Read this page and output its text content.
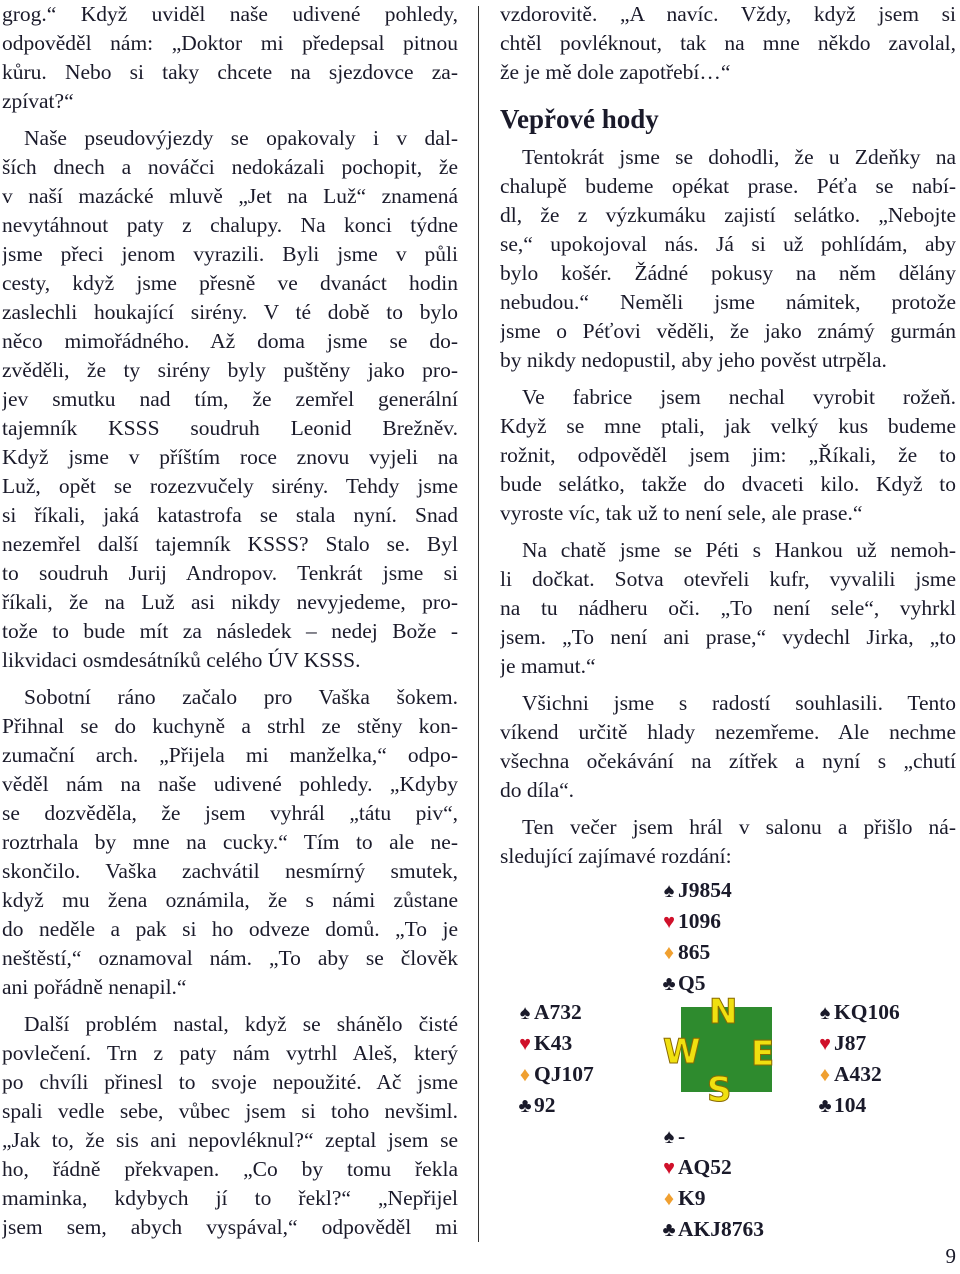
grog.“ Když uviděl naše udivené pohledy,
odpověděl nám: „Doktor mi předepsal pitnou
kůru. Nebo si taky chcete na sjezdovce za-
zpívat?“
Naše pseudovýjezdy se opakovaly i v dal-
ších dnech a nováčci nedokázali pochopit, že
v naší mazácké mluvě „Jet na Luž“ znamená
nevytáhnout paty z chalupy. Na konci týdne
jsme přeci jenom vyrazili. Byli jsme v půli
cesty, když jsme přesně ve dvanáct hodin
zaslechli houkající sirény. V té době to bylo
něco mimořádného. Až doma jsme se do-
zvěděli, že ty sirény byly puštěny jako pro-
jev smutku nad tím, že zemřel generální
tajemník KSSS soudruh Leonid Brežněv.
Když jsme v příštím roce znovu vyjeli na
Luž, opět se rozezvučely sirény. Tehdy jsme
si říkali, jaká katastrofa se stala nyní. Snad
nezemřel další tajemník KSSS? Stalo se. Byl
to soudruh Jurij Andropov. Tenkrát jsme si
říkali, že na Luž asi nikdy nevyjedeme, pro-
tože to bude mít za následek – nedej Bože -
likvidaci osmdesátníků celého ÚV KSSS.
Sobotní ráno začalo pro Vaška šokem.
Přihnal se do kuchyně a strhl ze stěny kon-
zumační arch. „Přijela mi manželka,“ odpo-
věděl nám na naše udivené pohledy. „Kdyby
se dozvěděla, že jsem vyhrál „tátu piv“,
roztrhala by mne na cucky.“ Tím to ale ne-
skončilo. Vaška zachvátil nesmírný smutek,
když mu žena oznámila, že s námi zůstane
do neděle a pak si ho odveze domů. „To je
neštěstí,“ oznamoval nám. „To aby se člověk
ani pořádně nenapil.“
Další problém nastal, když se shánělo čisté
povlečení. Trn z paty nám vytrhl Aleš, který
po chvíli přinesl to svoje nepoužité. Ač jsme
spali vedle sebe, vůbec jsem si toho nevšiml.
„Jak to, že sis ani nepovléknul?“ zeptal jsem se
ho, řádně překvapen. „Co by tomu řekla
maminka, kdybych jí to řekl?“ „Nepřijel
jsem sem, abych vyspával,“ odpověděl mi
vzdorovitě. „A navíc. Vždy, když jsem si
chtěl povléknout, tak na mne někdo zavolal,
že je mě dole zapotřebí…“
Vepřové hody
Tentokrát jsme se dohodli, že u Zdeňky na
chalupě budeme opékat prase. Péťa se nabí-
dl, že z výzkumáku zajistí selátko. „Nebojte
se,“ upokojoval nás. Já si už pohlídám, aby
bylo košér. Žádné pokusy na něm dělány
nebudou.“ Neměli jsme námitek, protože
jsme o Péťovi věděli, že jako známý gurmán
by nikdy nedopustil, aby jeho pověst utrpěla.
Ve fabrice jsem nechal vyrobit rožeň.
Když se mne ptali, jak velký kus budeme
rožnit, odpověděl jsem jim: „Říkali, že to
bude selátko, takže do dvaceti kilo. Když to
vyroste víc, tak už to není sele, ale prase.“
Na chatě jsme se Péti s Hankou už nemoh-
li dočkat. Sotva otevřeli kufr, vyvalili jsme
na tu nádheru oči. „To není sele“, vyhrkl
jsem. „To není ani prase,“ vydechl Jirka, „to
je mamut.“
Všichni jsme s radostí souhlasili. Tento
víkend určitě hlady nezemřeme. Ale nechme
všechna očekávání na zítřek a nyní s „chutí
do díla“.
Ten večer jsem hrál v salonu a přišlo ná-
sledující zajímavé rozdání:
♠ J9854
♥ 1096
♦ 865
♣ Q5
♠ A732
♥ K43
♦ QJ107
♣ 92
♠ KQ106
♥ J87
♦ A432
♣ 104
♠ -
♥ AQ52
♦ K9
♣ AKJ8763
N
W E
S
9
